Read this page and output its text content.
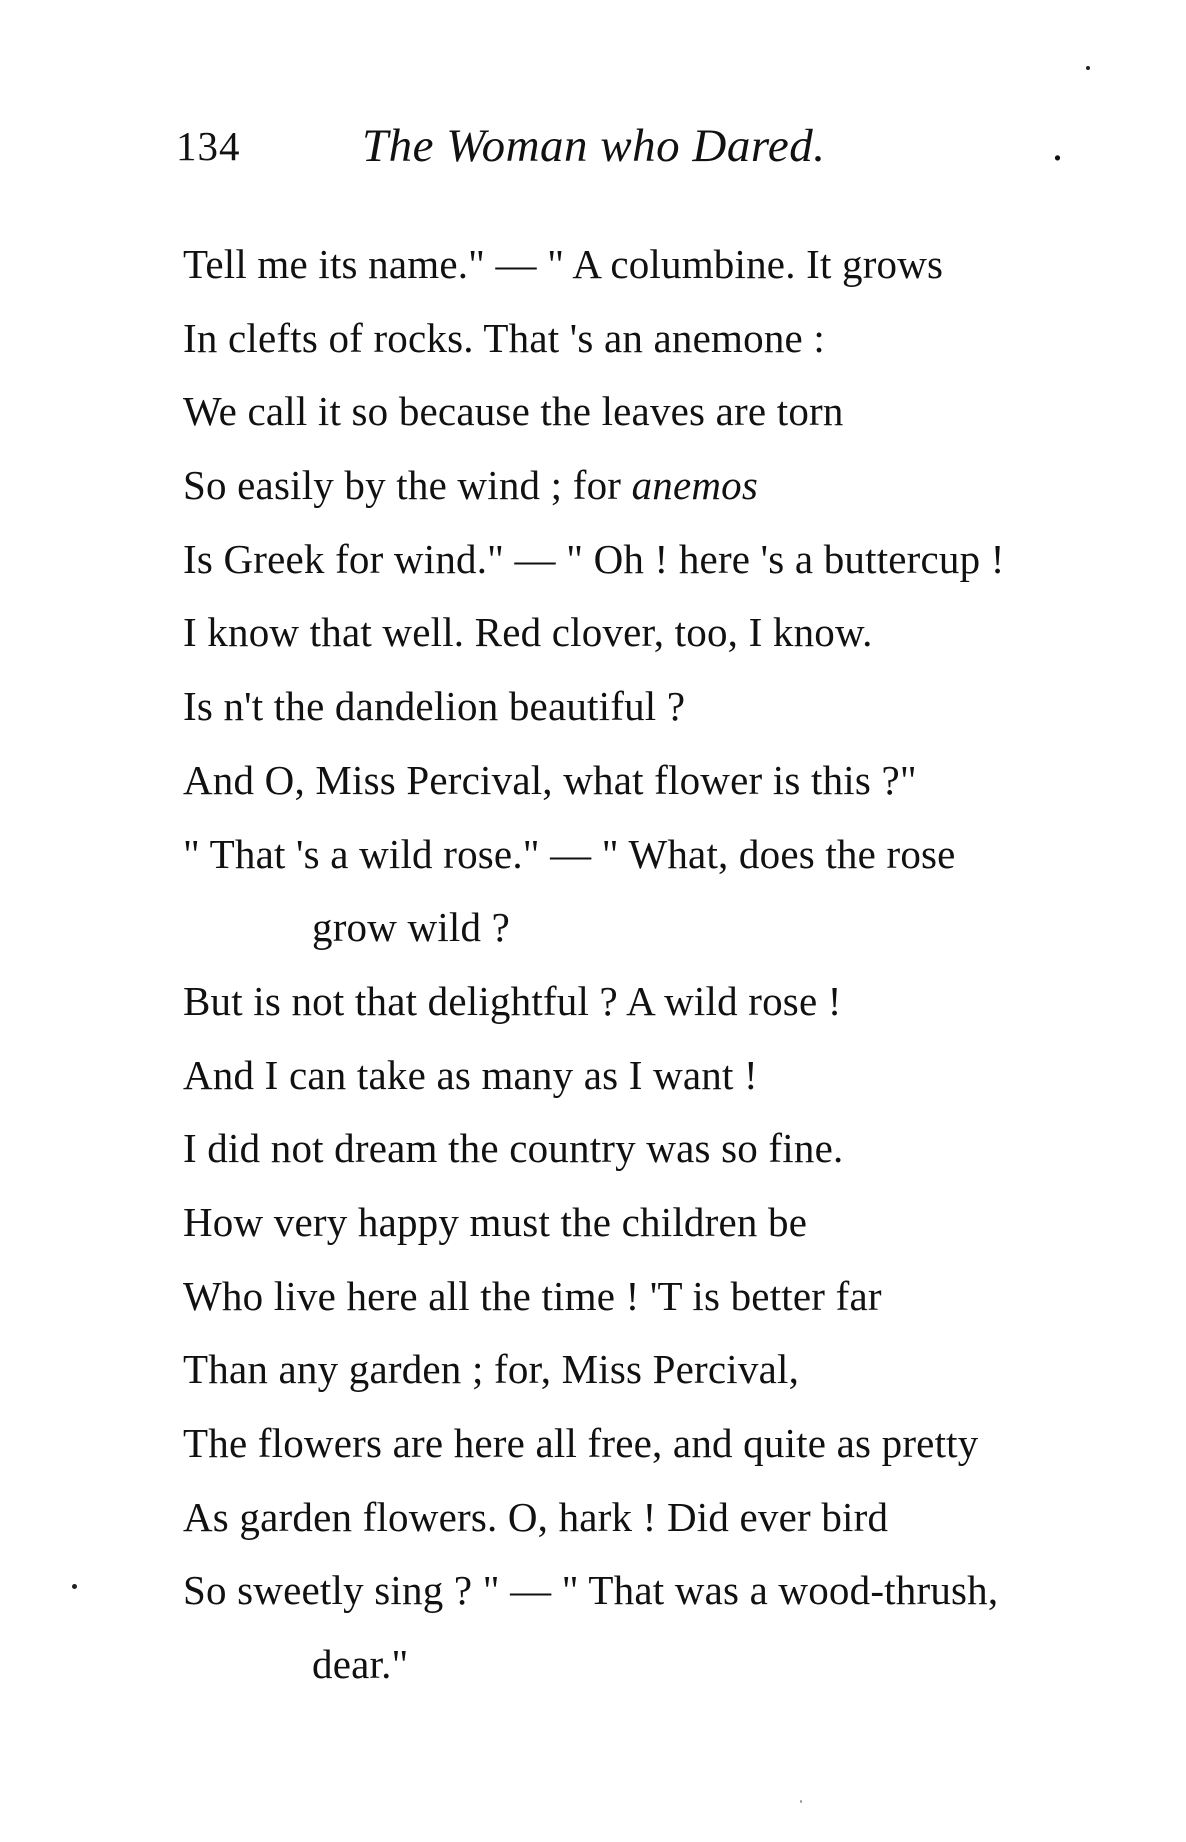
134	The Woman who Dared.	.
Tell me its name." — " A columbine. It grows
In clefts of rocks. That 's an anemone :
We call it so because the leaves are torn
So easily by the wind ; for anemos
Is Greek for wind." — " Oh ! here 's a buttercup !
I know that well. Red clover, too, I know.
Is n't the dandelion beautiful ?
And O, Miss Percival, what flower is this ?"
" That 's a wild rose." — " What, does the rose
grow wild ?
But is not that delightful ? A wild rose !
And I can take as many as I want !
I did not dream the country was so fine.
How very happy must the children be
Who live here all the time ! 'T is better far
Than any garden ; for, Miss Percival,
The flowers are here all free, and quite as pretty
As garden flowers. O, hark ! Did ever bird
So sweetly sing ? " — " That was a wood-thrush,
dear."
